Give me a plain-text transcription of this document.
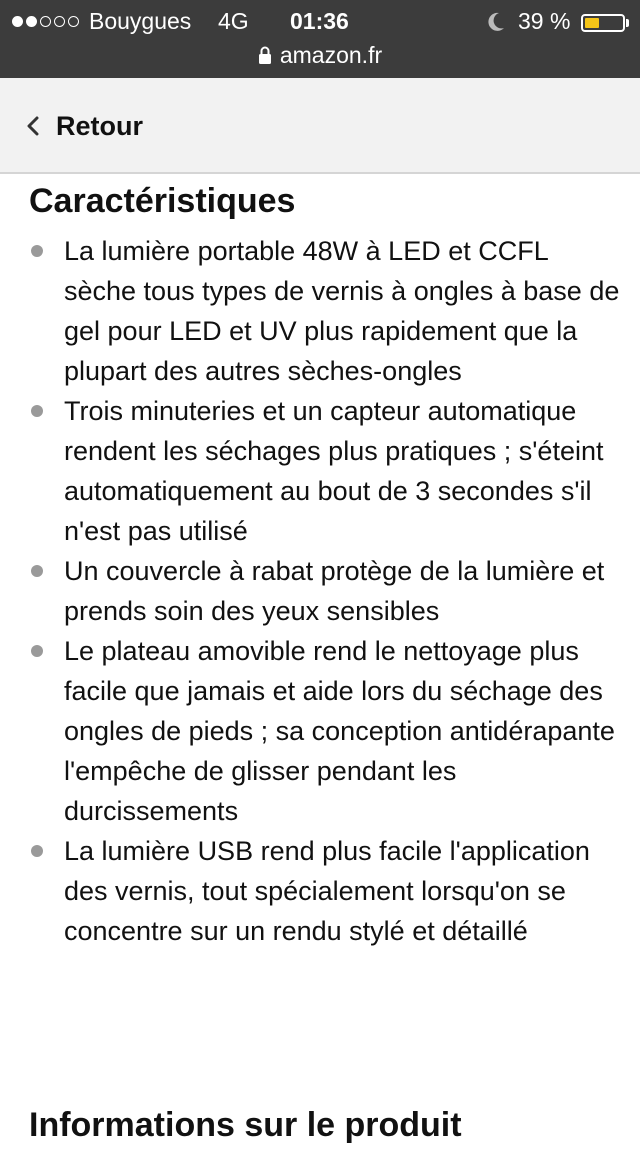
Bouygues 4G 01:36	39 %
amazon.fr
Retour
Caractéristiques
La lumière portable 48W à LED et CCFL sèche tous types de vernis à ongles à base de gel pour LED et UV plus rapidement que la plupart des autres sèches-ongles
Trois minuteries et un capteur automatique rendent les séchages plus pratiques ; s'éteint automatiquement au bout de 3 secondes s'il n'est pas utilisé
Un couvercle à rabat protège de la lumière et prends soin des yeux sensibles
Le plateau amovible rend le nettoyage plus facile que jamais et aide lors du séchage des ongles de pieds ; sa conception antidérapante l'empêche de glisser pendant les durcissements
La lumière USB rend plus facile l'application des vernis, tout spécialement lorsqu'on se concentre sur un rendu stylé et détaillé
Informations sur le produit
